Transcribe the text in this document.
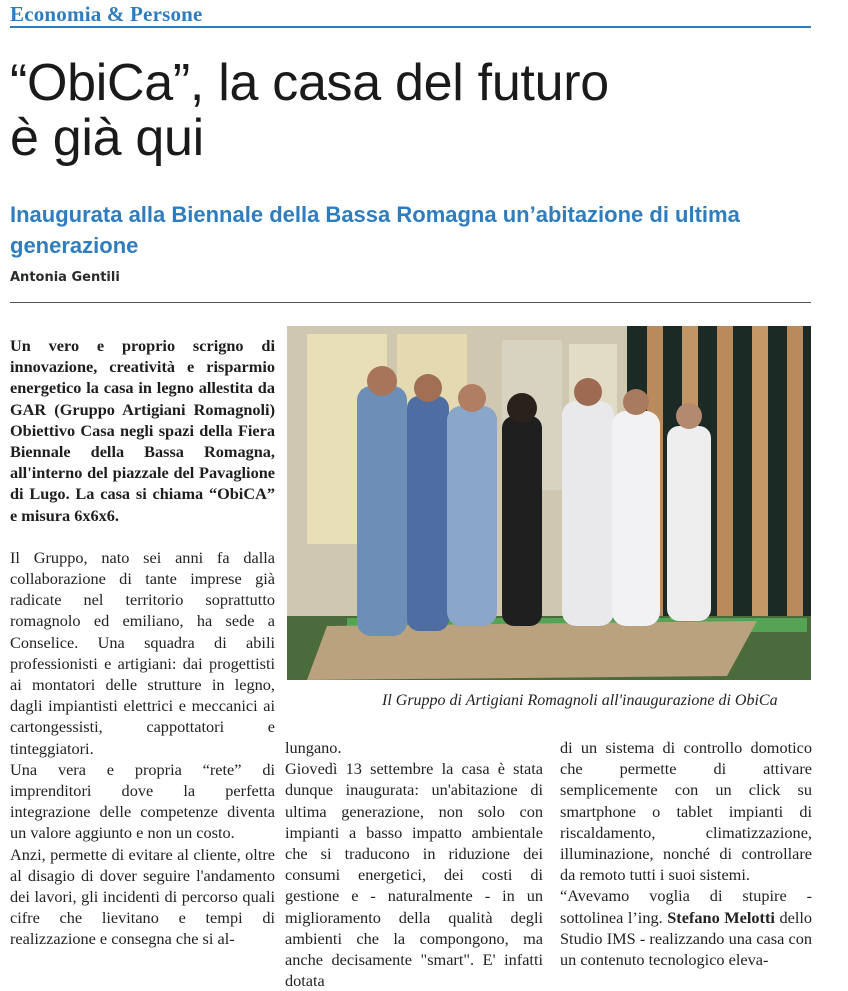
Economia & Persone
“ObiCa”, la casa del futuro
è già qui
Inaugurata alla Biennale della Bassa Romagna un’abitazione di ultima generazione
Antonia Gentili

Un vero e proprio scrigno di innovazione, creatività e risparmio energetico la casa in legno allestita da GAR (Gruppo Artigiani Romagnoli) Obiettivo Casa negli spazi della Fiera Biennale della Bassa Romagna, all'interno del piazzale del Pavaglione di Lugo. La casa si chiama “ObiCA” e misura 6x6x6.

Il Gruppo, nato sei anni fa dalla collaborazione di tante imprese già radicate nel territorio soprattutto romagnolo ed emiliano, ha sede a Conselice. Una squadra di abili professionisti e artigiani: dai progettisti ai montatori delle strutture in legno, dagli impiantisti elettrici e meccanici ai cartongessisti, cappottatori e tinteggiatori.

Una vera e propria “rete” di imprenditori dove la perfetta integrazione delle competenze diventa un valore aggiunto e non un costo.

Anzi, permette di evitare al cliente, oltre al disagio di dover seguire l'andamento dei lavori, gli incidenti di percorso quali cifre che lievitano e tempi di realizzazione e consegna che si al-

Il Gruppo di Artigiani Romagnoli all'inaugurazione di ObiCa

lungano.

Giovedì 13 settembre la casa è stata dunque inaugurata: un'abitazione di ultima generazione, non solo con impianti a basso impatto ambientale che si traducono in riduzione dei consumi energetici, dei costi di gestione e - naturalmente - in un miglioramento della qualità degli ambienti che la compongono, ma anche decisamente "smart". E' infatti dotata

di un sistema di controllo domotico che permette di attivare semplicemente con un click su smartphone o tablet impianti di riscaldamento, climatizzazione, illuminazione, nonché di controllare da remoto tutti i suoi sistemi.

“Avevamo voglia di stupire - sottolinea l’ing. Stefano Melotti dello Studio IMS - realizzando una casa con un contenuto tecnologico eleva-
